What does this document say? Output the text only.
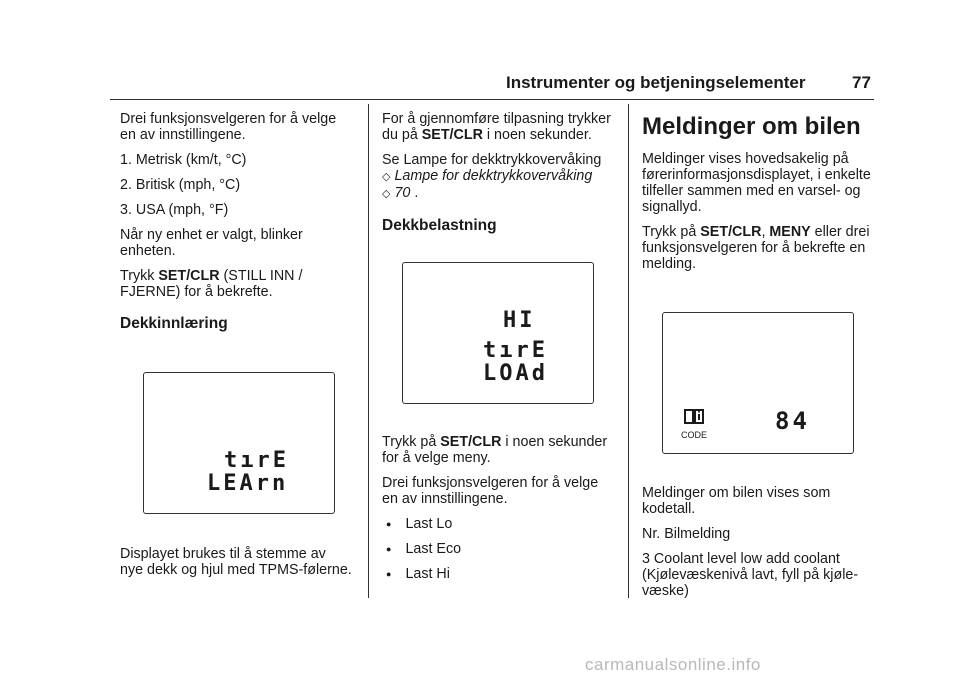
Instrumenter og betjeningselementer	77

Drei funksjonsvelgeren for å velge en av innstillingene.

1. Metrisk (km/t, °C)

2. Britisk (mph, °C)

3. USA (mph, °F)

Når ny enhet er valgt, blinker enheten.

Trykk SET/CLR (STILL INN / FJERNE) for å bekrefte.

Dekkinnlæring
tırE
LEArn

Displayet brukes til å stemme av nye dekk og hjul med TPMS-følerne.

For å gjennomføre tilpasning trykker du på SET/CLR i noen sekunder.

Se Lampe for dekktrykkovervåking
◇ Lampe for dekktrykkovervåking
◇ 70 .

Dekkbelastning
HI
tırE
LOAd

Trykk på SET/CLR i noen sekunder for å velge meny.

Drei funksjonsvelgeren for å velge en av innstillingene.

● Last Lo
● Last Eco
● Last Hi
Meldinger om bilen

Meldinger vises hovedsakelig på førerinformasjonsdisplayet, i enkelte tilfeller sammen med en varsel- og signallyd.

Trykk på SET/CLR, MENY eller drei funksjonsvelgeren for å bekrefte en melding.

CODE	84

Meldinger om bilen vises som kodetall.

Nr. Bilmelding

3 Coolant level low add coolant (Kjølevæskenivå lavt, fyll på kjølevæske)

carmanualsonline.info
